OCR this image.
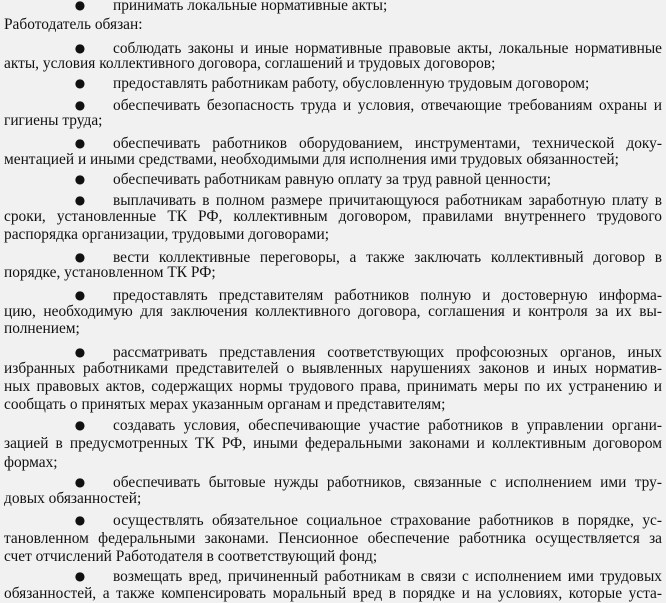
● принимать локальные нормативные акты;
Работодатель обязан:
● соблюдать законы и иные нормативные правовые акты, локальные нормативные
акты, условия коллективного договора, соглашений и трудовых договоров;
● предоставлять работникам работу, обусловленную трудовым договором;
● обеспечивать безопасность труда и условия, отвечающие требованиям охраны и
гигиены труда;
● обеспечивать работников оборудованием, инструментами, технической доку-
ментацией и иными средствами, необходимыми для исполнения ими трудовых обязанностей;
● обеспечивать работникам равную оплату за труд равной ценности;
● выплачивать в полном размере причитающуюся работникам заработную плату в
сроки, установленные ТК РФ, коллективным договором, правилами внутреннего трудового
распорядка организации, трудовыми договорами;
● вести коллективные переговоры, а также заключать коллективный договор в
порядке, установленном ТК РФ;
● предоставлять представителям работников полную и достоверную информа-
цию, необходимую для заключения коллективного договора, соглашения и контроля за их вы-
полнением;
● рассматривать представления соответствующих профсоюзных органов, иных
избранных работниками представителей о выявленных нарушениях законов и иных норматив-
ных правовых актов, содержащих нормы трудового права, принимать меры по их устранению и
сообщать о принятых мерах указанным органам и представителям;
● создавать условия, обеспечивающие участие работников в управлении органи-
зацией в предусмотренных ТК РФ, иными федеральными законами и коллективным договором
формах;
● обеспечивать бытовые нужды работников, связанные с исполнением ими тру-
довых обязанностей;
● осуществлять обязательное социальное страхование работников в порядке, ус-
тановленном федеральными законами. Пенсионное обеспечение работника осуществляется за
счет отчислений Работодателя в соответствующий фонд;
● возмещать вред, причиненный работникам в связи с исполнением ими трудовых
обязанностей, а также компенсировать моральный вред в порядке и на условиях, которые уста-
